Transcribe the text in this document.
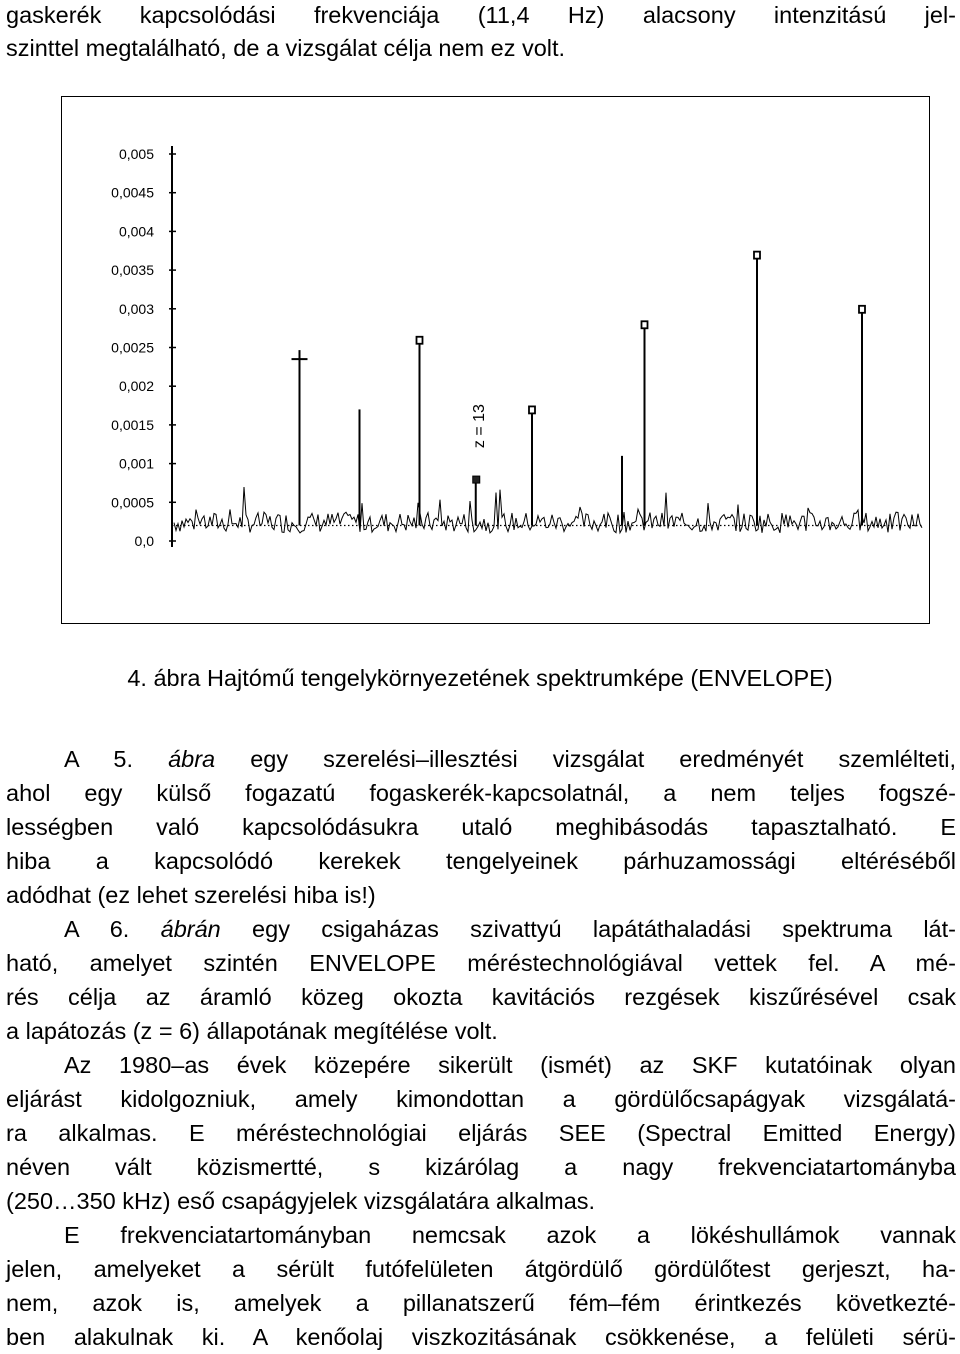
gaskerék kapcsolódási frekvenciája (11,4 Hz) alacsony intenzitású jel-
szinttel megtalálható, de a vizsgálat célja nem ez volt.
0,005
0,0045
0,004
0,0035
0,003
0,0025
0,002
0,0015
0,001
0,0005
0,0
z = 13
4. ábra Hajtómű tengelykörnyezetének spektrumképe (ENVELOPE)
A 5. ábra egy szerelési–illesztési vizsgálat eredményét szemlélteti,
ahol egy külső fogazatú fogaskerék-kapcsolatnál, a nem teljes fogszé-
lességben való kapcsolódásukra utaló meghibásodás tapasztalható. E
hiba a kapcsolódó kerekek tengelyeinek párhuzamossági eltéréséből
adódhat (ez lehet szerelési hiba is!)
A 6. ábrán egy csigaházas szivattyú lapátáthaladási spektruma lát-
ható, amelyet szintén ENVELOPE méréstechnológiával vettek fel. A mé-
rés célja az áramló közeg okozta kavitációs rezgések kiszűrésével csak
a lapátozás (z = 6) állapotának megítélése volt.
Az 1980–as évek közepére sikerült (ismét) az SKF kutatóinak olyan
eljárást kidolgozniuk, amely kimondottan a gördülőcsapágyak vizsgálatá-
ra alkalmas. E méréstechnológiai eljárás SEE (Spectral Emitted Energy)
néven vált közismertté, s kizárólag a nagy frekvenciatartományba
(250…350 kHz) eső csapágyjelek vizsgálatára alkalmas.
E frekvenciatartományban nemcsak azok a lökéshullámok vannak
jelen, amelyeket a sérült futófelületen átgördülő gördülőtest gerjeszt, ha-
nem, azok is, amelyek a pillanatszerű fém–fém érintkezés következté-
ben alakulnak ki. A kenőolaj viszkozitásának csökkenése, a felületi sérü-
